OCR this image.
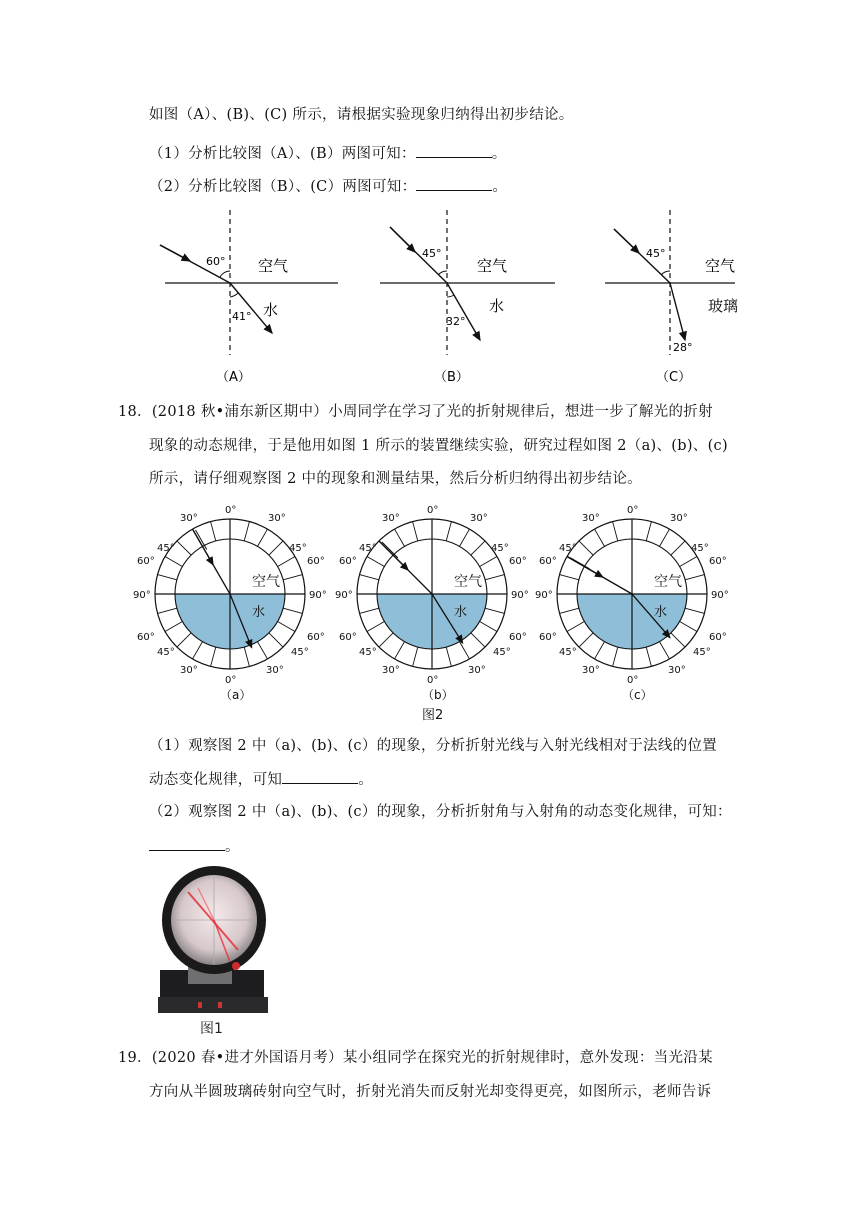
如图（A）、(B)、(C) 所示，请根据实验现象归纳得出初步结论。
（1）分析比较图（A）、(B）两图可知：	。
（2）分析比较图（B）、(C）两图可知：	。
60°
41°
空气
水
（A）
45°
32°
空气
水
（B）
45°
28°
空气
玻璃
（C）
18．(2018 秋•浦东新区期中）小周同学在学习了光的折射规律后，想进一步了解光的折射
现象的动态规律，于是他用如图 1 所示的装置继续实验，研究过程如图 2（a)、(b)、(c)
所示，请仔细观察图 2 中的现象和测量结果，然后分析归纳得出初步结论。
空气
水
0°
0°
90°	90°
30°	30°
45°	45°
60°	60°
60°	60°
45°	45°
30°	30°
（a）
空气
水
0°
0°
90°	90°
30°	30°
45°	45°
60°	60°
60°	60°
45°	45°
30°	30°
（b）
空气
水
0°
0°
90°	90°
30°	30°
45°	45°
60°	60°
60°	60°
45°	45°
30°	30°
（c）
图2
（1）观察图 2 中（a)、(b)、(c）的现象，分析折射光线与入射光线相对于法线的位置
动态变化规律，可知	。
（2）观察图 2 中（a)、(b)、(c）的现象，分析折射角与入射角的动态变化规律，可知：
。
图1
19．(2020 春•进才外国语月考）某小组同学在探究光的折射规律时，意外发现：当光沿某
方向从半圆玻璃砖射向空气时，折射光消失而反射光却变得更亮，如图所示，老师告诉
